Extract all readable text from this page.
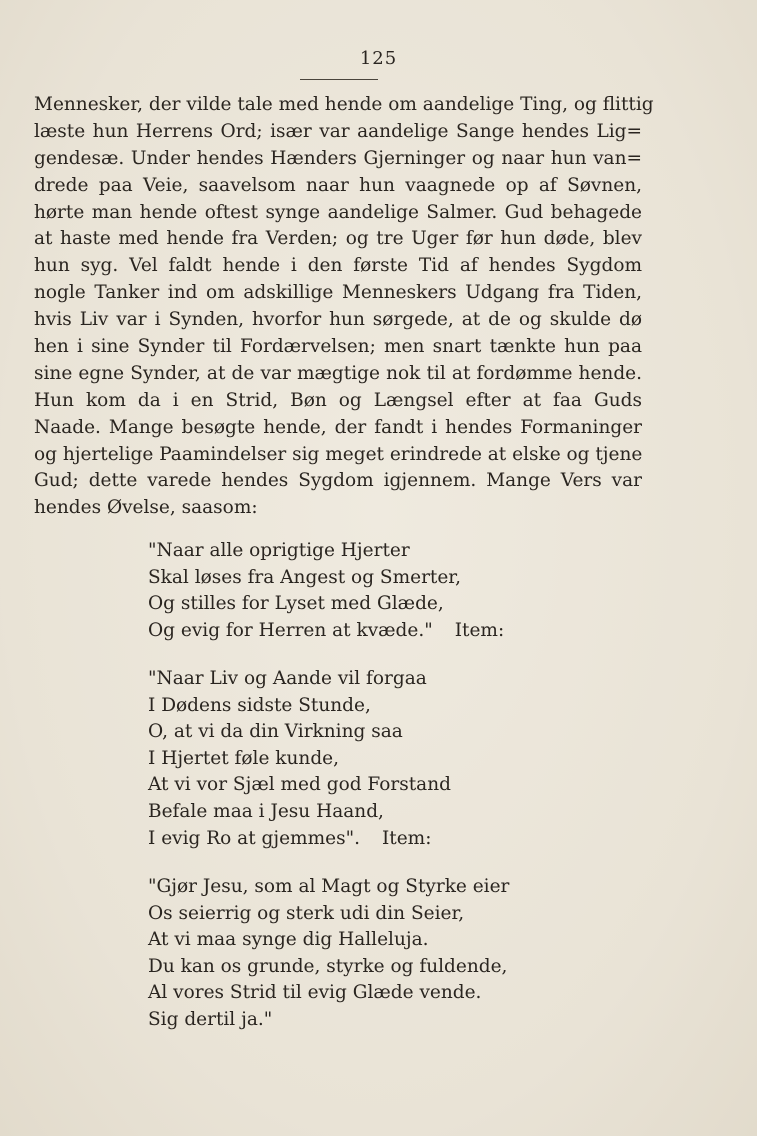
125
Mennesker, der vilde tale med hende om aandelige Ting, og flittig
læste hun Herrens Ord; især var aandelige Sange hendes Lig=
gendesæ. Under hendes Hænders Gjerninger og naar hun van=
drede paa Veie, saavelsom naar hun vaagnede op af Søvnen,
hørte man hende oftest synge aandelige Salmer. Gud behagede
at haste med hende fra Verden; og tre Uger før hun døde, blev
hun syg. Vel faldt hende i den første Tid af hendes Sygdom
nogle Tanker ind om adskillige Menneskers Udgang fra Tiden,
hvis Liv var i Synden, hvorfor hun sørgede, at de og skulde dø
hen i sine Synder til Fordærvelsen; men snart tænkte hun paa
sine egne Synder, at de var mægtige nok til at fordømme hende.
Hun kom da i en Strid, Bøn og Længsel efter at faa Guds
Naade. Mange besøgte hende, der fandt i hendes Formaninger
og hjertelige Paamindelser sig meget erindrede at elske og tjene
Gud; dette varede hendes Sygdom igjennem. Mange Vers var
hendes Øvelse, saasom:
"Naar alle oprigtige Hjerter
Skal løses fra Angest og Smerter,
Og stilles for Lyset med Glæde,
Og evig for Herren at kvæde." Item:
"Naar Liv og Aande vil forgaa
I Dødens sidste Stunde,
O, at vi da din Virkning saa
I Hjertet føle kunde,
At vi vor Sjæl med god Forstand
Befale maa i Jesu Haand,
I evig Ro at gjemmes". Item:
"Gjør Jesu, som al Magt og Styrke eier
Os seierrig og sterk udi din Seier,
At vi maa synge dig Halleluja.
Du kan os grunde, styrke og fuldende,
Al vores Strid til evig Glæde vende.
Sig dertil ja."
